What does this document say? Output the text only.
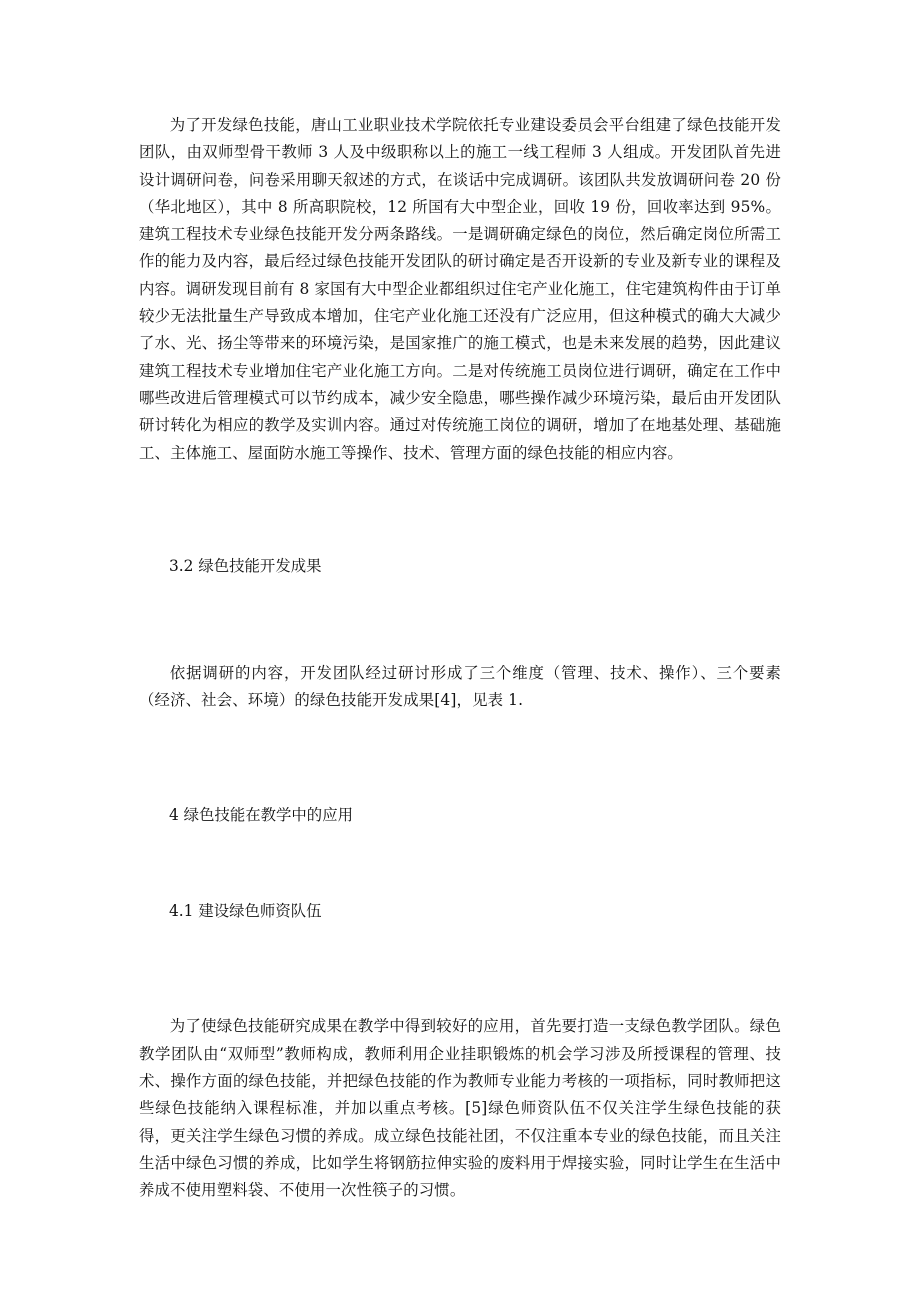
为了开发绿色技能，唐山工业职业技术学院依托专业建设委员会平台组建了绿色技能开发团队，由双师型骨干教师 3 人及中级职称以上的施工一线工程师 3 人组成。开发团队首先进设计调研问卷，问卷采用聊天叙述的方式，在谈话中完成调研。该团队共发放调研问卷 20 份（华北地区），其中 8 所高职院校，12 所国有大中型企业，回收 19 份，回收率达到 95%。建筑工程技术专业绿色技能开发分两条路线。一是调研确定绿色的岗位，然后确定岗位所需工作的能力及内容，最后经过绿色技能开发团队的研讨确定是否开设新的专业及新专业的课程及内容。调研发现目前有 8 家国有大中型企业都组织过住宅产业化施工，住宅建筑构件由于订单较少无法批量生产导致成本增加，住宅产业化施工还没有广泛应用，但这种模式的确大大减少了水、光、扬尘等带来的环境污染，是国家推广的施工模式，也是未来发展的趋势，因此建议建筑工程技术专业增加住宅产业化施工方向。二是对传统施工员岗位进行调研，确定在工作中哪些改进后管理模式可以节约成本，减少安全隐患，哪些操作减少环境污染，最后由开发团队研讨转化为相应的教学及实训内容。通过对传统施工岗位的调研，增加了在地基处理、基础施工、主体施工、屋面防水施工等操作、技术、管理方面的绿色技能的相应内容。

3.2 绿色技能开发成果

依据调研的内容，开发团队经过研讨形成了三个维度（管理、技术、操作）、三个要素（经济、社会、环境）的绿色技能开发成果[4]，见表 1.

4 绿色技能在教学中的应用

4.1 建设绿色师资队伍

为了使绿色技能研究成果在教学中得到较好的应用，首先要打造一支绿色教学团队。绿色教学团队由“双师型”教师构成，教师利用企业挂职锻炼的机会学习涉及所授课程的管理、技术、操作方面的绿色技能，并把绿色技能的作为教师专业能力考核的一项指标，同时教师把这些绿色技能纳入课程标准，并加以重点考核。[5]绿色师资队伍不仅关注学生绿色技能的获得，更关注学生绿色习惯的养成。成立绿色技能社团，不仅注重本专业的绿色技能，而且关注生活中绿色习惯的养成，比如学生将钢筋拉伸实验的废料用于焊接实验，同时让学生在生活中养成不使用塑料袋、不使用一次性筷子的习惯。
